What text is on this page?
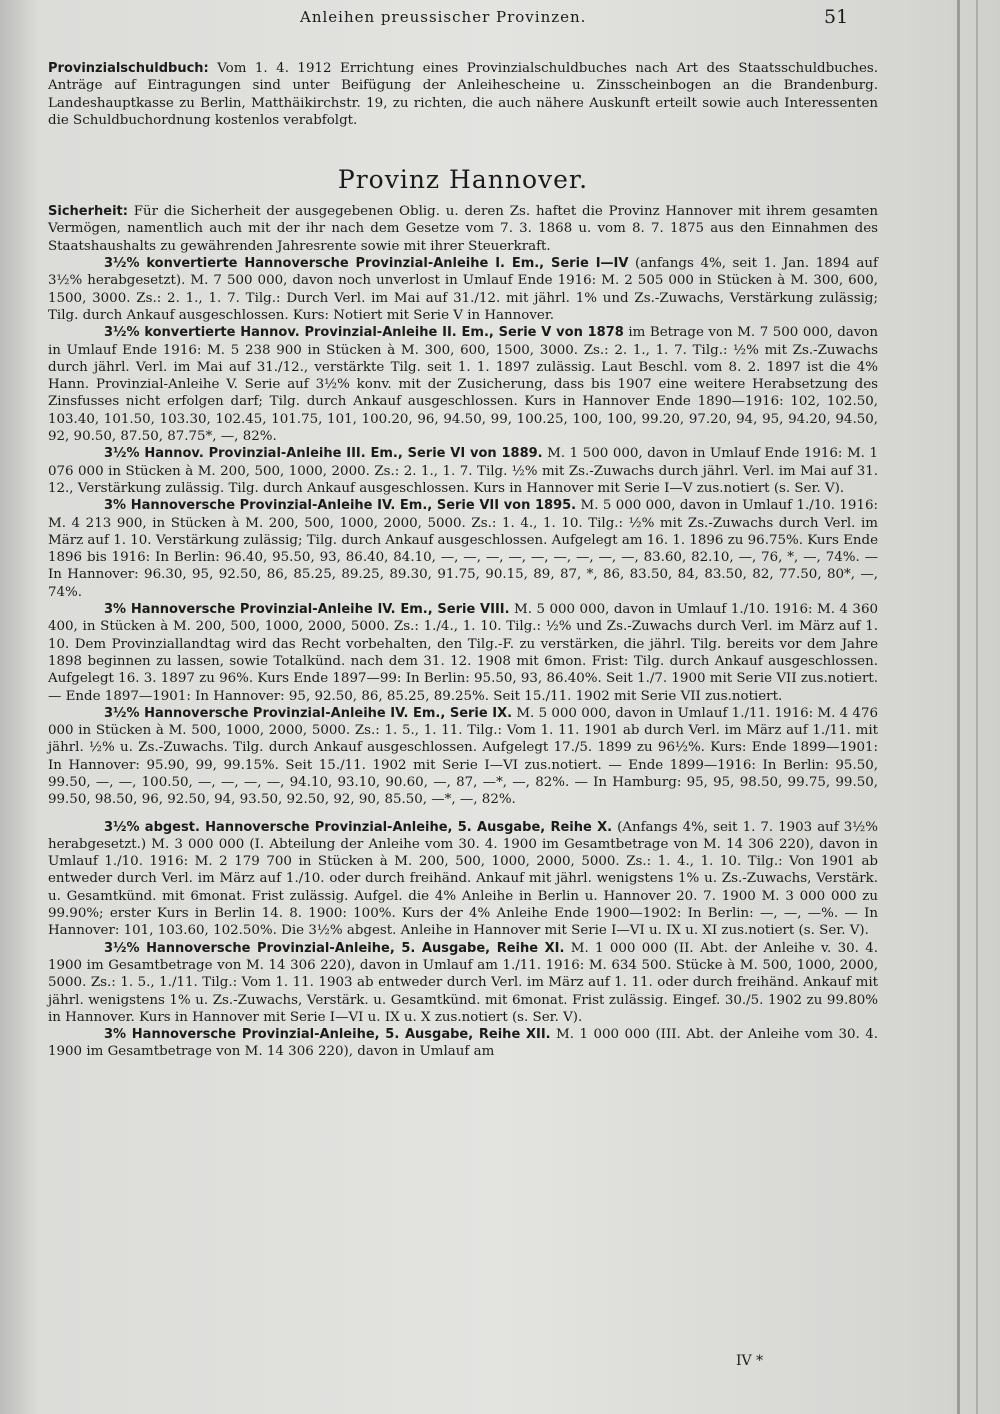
Anleihen preussischer Provinzen.	51

Provinzialschuldbuch: Vom 1. 4. 1912 Errichtung eines Provinzialschuldbuches nach Art des Staatsschuldbuches. Anträge auf Eintragungen sind unter Beifügung der Anleihescheine u. Zinsscheinbogen an die Brandenburg. Landeshauptkasse zu Berlin, Matthäikirchstr. 19, zu richten, die auch nähere Auskunft erteilt sowie auch Interessenten die Schuldbuchordnung kostenlos verabfolgt.

Provinz Hannover.

Sicherheit: Für die Sicherheit der ausgegebenen Oblig. u. deren Zs. haftet die Provinz Hannover mit ihrem gesamten Vermögen, namentlich auch mit der ihr nach dem Gesetze vom 7. 3. 1868 u. vom 8. 7. 1875 aus den Einnahmen des Staatshaushalts zu gewährenden Jahresrente sowie mit ihrer Steuerkraft.

3½% konvertierte Hannoversche Provinzial-Anleihe I. Em., Serie I—IV (anfangs 4%, seit 1. Jan. 1894 auf 3½% herabgesetzt). M. 7 500 000, davon noch unverlost in Umlauf Ende 1916: M. 2 505 000 in Stücken à M. 300, 600, 1500, 3000. Zs.: 2. 1., 1. 7. Tilg.: Durch Verl. im Mai auf 31./12. mit jährl. 1% und Zs.-Zuwachs, Verstärkung zulässig; Tilg. durch Ankauf ausgeschlossen. Kurs: Notiert mit Serie V in Hannover.

3½% konvertierte Hannov. Provinzial-Anleihe II. Em., Serie V von 1878 im Betrage von M. 7 500 000, davon in Umlauf Ende 1916: M. 5 238 900 in Stücken à M. 300, 600, 1500, 3000. Zs.: 2. 1., 1. 7. Tilg.: ½% mit Zs.-Zuwachs durch jährl. Verl. im Mai auf 31./12., verstärkte Tilg. seit 1. 1. 1897 zulässig. Laut Beschl. vom 8. 2. 1897 ist die 4% Hann. Provinzial-Anleihe V. Serie auf 3½% konv. mit der Zusicherung, dass bis 1907 eine weitere Herabsetzung des Zinsfusses nicht erfolgen darf; Tilg. durch Ankauf ausgeschlossen. Kurs in Hannover Ende 1890—1916: 102, 102.50, 103.40, 101.50, 103.30, 102.45, 101.75, 101, 100.20, 96, 94.50, 99, 100.25, 100, 100, 99.20, 97.20, 94, 95, 94.20, 94.50, 92, 90.50, 87.50, 87.75*, —, 82%.

3½% Hannov. Provinzial-Anleihe III. Em., Serie VI von 1889. M. 1 500 000, davon in Umlauf Ende 1916: M. 1 076 000 in Stücken à M. 200, 500, 1000, 2000. Zs.: 2. 1., 1. 7. Tilg. ½% mit Zs.-Zuwachs durch jährl. Verl. im Mai auf 31. 12., Verstärkung zulässig. Tilg. durch Ankauf ausgeschlossen. Kurs in Hannover mit Serie I—V zus.notiert (s. Ser. V).

3% Hannoversche Provinzial-Anleihe IV. Em., Serie VII von 1895. M. 5 000 000, davon in Umlauf 1./10. 1916: M. 4 213 900, in Stücken à M. 200, 500, 1000, 2000, 5000. Zs.: 1. 4., 1. 10. Tilg.: ½% mit Zs.-Zuwachs durch Verl. im März auf 1. 10. Verstärkung zulässig; Tilg. durch Ankauf ausgeschlossen. Aufgelegt am 16. 1. 1896 zu 96.75%. Kurs Ende 1896 bis 1916: In Berlin: 96.40, 95.50, 93, 86.40, 84.10, —, —, —, —, —, —, —, —, —, 83.60, 82.10, —, 76, *, —, 74%. — In Hannover: 96.30, 95, 92.50, 86, 85.25, 89.25, 89.30, 91.75, 90.15, 89, 87, *, 86, 83.50, 84, 83.50, 82, 77.50, 80*, —, 74%.

3% Hannoversche Provinzial-Anleihe IV. Em., Serie VIII. M. 5 000 000, davon in Umlauf 1./10. 1916: M. 4 360 400, in Stücken à M. 200, 500, 1000, 2000, 5000. Zs.: 1./4., 1. 10. Tilg.: ½% und Zs.-Zuwachs durch Verl. im März auf 1. 10. Dem Provinziallandtag wird das Recht vorbehalten, den Tilg.-F. zu verstärken, die jährl. Tilg. bereits vor dem Jahre 1898 beginnen zu lassen, sowie Totalkünd. nach dem 31. 12. 1908 mit 6mon. Frist: Tilg. durch Ankauf ausgeschlossen. Aufgelegt 16. 3. 1897 zu 96%. Kurs Ende 1897—99: In Berlin: 95.50, 93, 86.40%. Seit 1./7. 1900 mit Serie VII zus.notiert. — Ende 1897—1901: In Hannover: 95, 92.50, 86, 85.25, 89.25%. Seit 15./11. 1902 mit Serie VII zus.notiert.

3½% Hannoversche Provinzial-Anleihe IV. Em., Serie IX. M. 5 000 000, davon in Umlauf 1./11. 1916: M. 4 476 000 in Stücken à M. 500, 1000, 2000, 5000. Zs.: 1. 5., 1. 11. Tilg.: Vom 1. 11. 1901 ab durch Verl. im März auf 1./11. mit jährl. ½% u. Zs.-Zuwachs. Tilg. durch Ankauf ausgeschlossen. Aufgelegt 17./5. 1899 zu 96½%. Kurs: Ende 1899—1901: In Hannover: 95.90, 99, 99.15%. Seit 15./11. 1902 mit Serie I—VI zus.notiert. — Ende 1899—1916: In Berlin: 95.50, 99.50, —, —, 100.50, —, —, —, —, 94.10, 93.10, 90.60, —, 87, —*, —, 82%. — In Hamburg: 95, 95, 98.50, 99.75, 99.50, 99.50, 98.50, 96, 92.50, 94, 93.50, 92.50, 92, 90, 85.50, —*, —, 82%.

3½% abgest. Hannoversche Provinzial-Anleihe, 5. Ausgabe, Reihe X. (Anfangs 4%, seit 1. 7. 1903 auf 3½% herabgesetzt.) M. 3 000 000 (I. Abteilung der Anleihe vom 30. 4. 1900 im Gesamtbetrage von M. 14 306 220), davon in Umlauf 1./10. 1916: M. 2 179 700 in Stücken à M. 200, 500, 1000, 2000, 5000. Zs.: 1. 4., 1. 10. Tilg.: Von 1901 ab entweder durch Verl. im März auf 1./10. oder durch freihänd. Ankauf mit jährl. wenigstens 1% u. Zs.-Zuwachs, Verstärk. u. Gesamtkünd. mit 6monat. Frist zulässig. Aufgel. die 4% Anleihe in Berlin u. Hannover 20. 7. 1900 M. 3 000 000 zu 99.90%; erster Kurs in Berlin 14. 8. 1900: 100%. Kurs der 4% Anleihe Ende 1900—1902: In Berlin: —, —, —%. — In Hannover: 101, 103.60, 102.50%. Die 3½% abgest. Anleihe in Hannover mit Serie I—VI u. IX u. XI zus.notiert (s. Ser. V).

3½% Hannoversche Provinzial-Anleihe, 5. Ausgabe, Reihe XI. M. 1 000 000 (II. Abt. der Anleihe v. 30. 4. 1900 im Gesamtbetrage von M. 14 306 220), davon in Umlauf am 1./11. 1916: M. 634 500. Stücke à M. 500, 1000, 2000, 5000. Zs.: 1. 5., 1./11. Tilg.: Vom 1. 11. 1903 ab entweder durch Verl. im März auf 1. 11. oder durch freihänd. Ankauf mit jährl. wenigstens 1% u. Zs.-Zuwachs, Verstärk. u. Gesamtkünd. mit 6monat. Frist zulässig. Eingef. 30./5. 1902 zu 99.80% in Hannover. Kurs in Hannover mit Serie I—VI u. IX u. X zus.notiert (s. Ser. V).

3% Hannoversche Provinzial-Anleihe, 5. Ausgabe, Reihe XII. M. 1 000 000 (III. Abt. der Anleihe vom 30. 4. 1900 im Gesamtbetrage von M. 14 306 220), davon in Umlauf am

IV *
